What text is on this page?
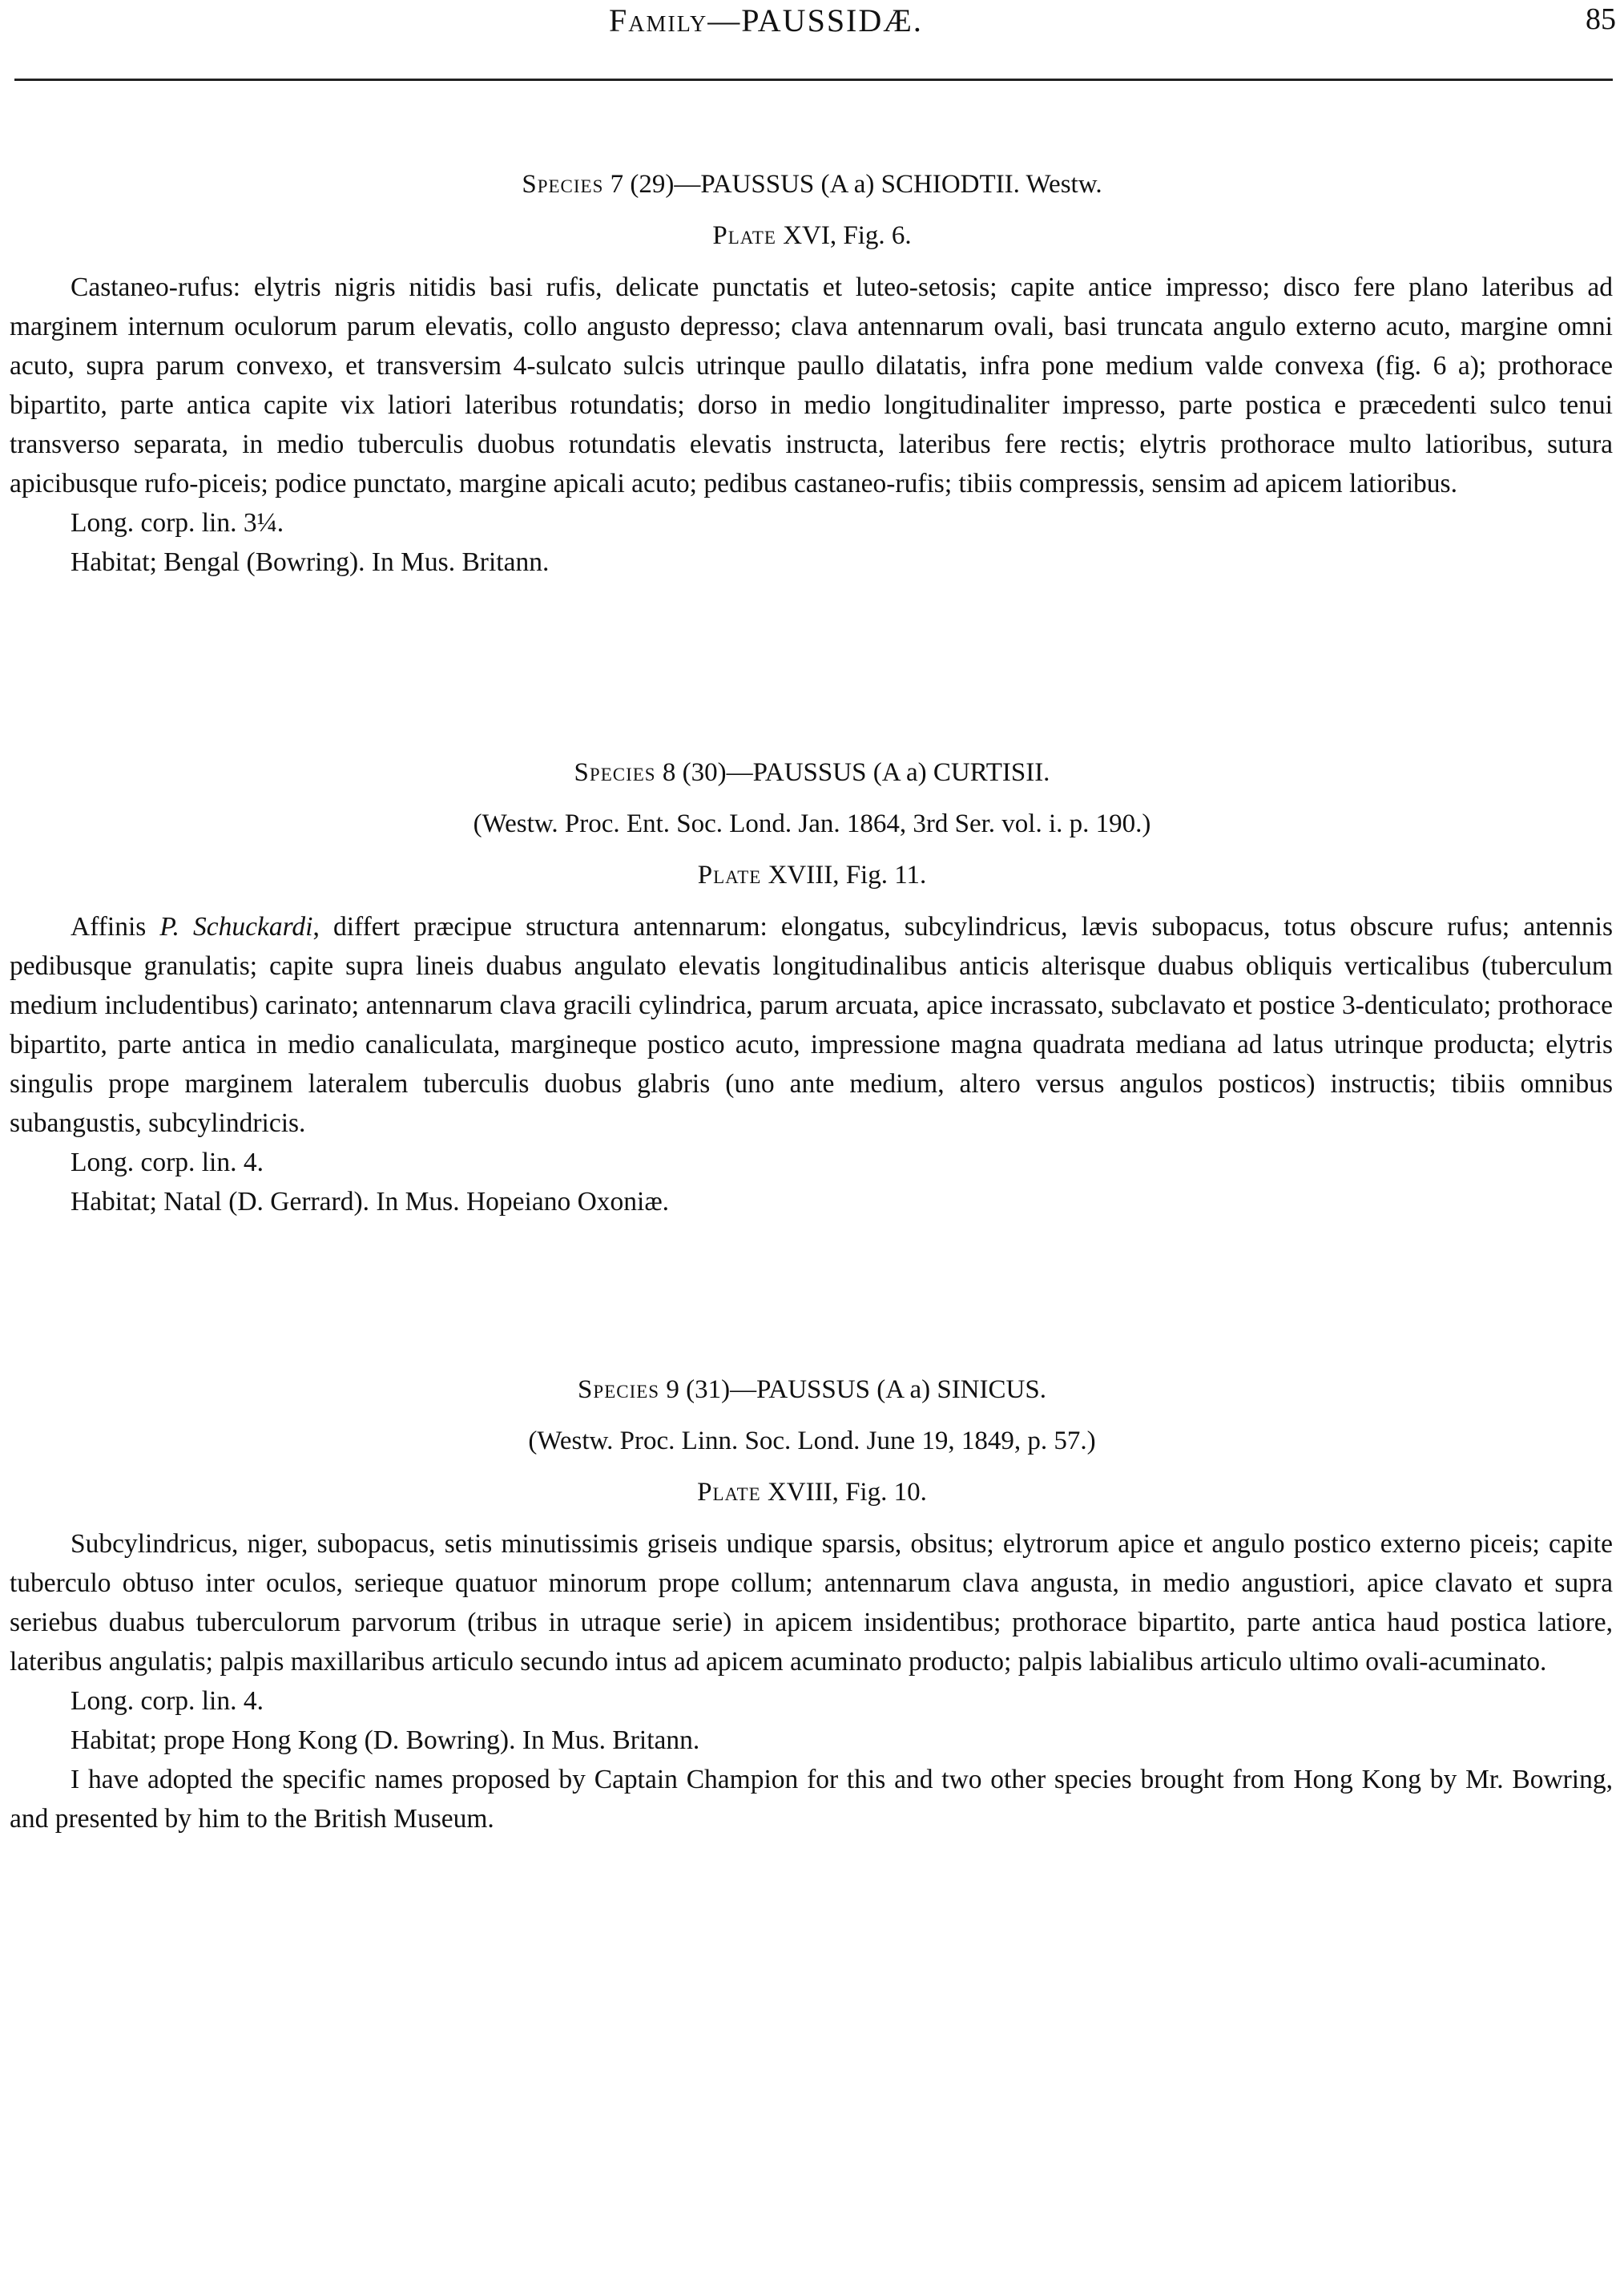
Family—PAUSSIDÆ.	85
Species 7 (29)—PAUSSUS (A a) SCHIODTII. Westw.
Plate XVI, Fig. 6.

Castaneo-rufus: elytris nigris nitidis basi rufis, delicate punctatis et luteo-setosis; capite antice impresso; disco fere plano lateribus ad marginem internum oculorum parum elevatis, collo angusto depresso; clava antennarum ovali, basi truncata angulo externo acuto, margine omni acuto, supra parum convexo, et transversim 4-sulcato sulcis utrinque paullo dilatatis, infra pone medium valde convexa (fig. 6 a); prothorace bipartito, parte antica capite vix latiori lateribus rotundatis; dorso in medio longitudinaliter impresso, parte postica e præcedenti sulco tenui transverso separata, in medio tuberculis duobus rotundatis elevatis instructa, lateribus fere rectis; elytris prothorace multo latioribus, sutura apicibusque rufo-piceis; podice punctato, margine apicali acuto; pedibus castaneo-rufis; tibiis compressis, sensim ad apicem latioribus.

Long. corp. lin. 3¼.

Habitat; Bengal (Bowring). In Mus. Britann.

Species 8 (30)—PAUSSUS (A a) CURTISII.
(Westw. Proc. Ent. Soc. Lond. Jan. 1864, 3rd Ser. vol. i. p. 190.)
Plate XVIII, Fig. 11.

Affinis P. Schuckardi, differt præcipue structura antennarum: elongatus, subcylindricus, lævis subopacus, totus obscure rufus; antennis pedibusque granulatis; capite supra lineis duabus angulato elevatis longitudinalibus anticis alterisque duabus obliquis verticalibus (tuberculum medium includentibus) carinato; antennarum clava gracili cylindrica, parum arcuata, apice incrassato, subclavato et postice 3-denticulato; prothorace bipartito, parte antica in medio canaliculata, margineque postico acuto, impressione magna quadrata mediana ad latus utrinque producta; elytris singulis prope marginem lateralem tuberculis duobus glabris (uno ante medium, altero versus angulos posticos) instructis; tibiis omnibus subangustis, subcylindricis.

Long. corp. lin. 4.

Habitat; Natal (D. Gerrard). In Mus. Hopeiano Oxoniæ.

Species 9 (31)—PAUSSUS (A a) SINICUS.
(Westw. Proc. Linn. Soc. Lond. June 19, 1849, p. 57.)
Plate XVIII, Fig. 10.

Subcylindricus, niger, subopacus, setis minutissimis griseis undique sparsis, obsitus; elytrorum apice et angulo postico externo piceis; capite tuberculo obtuso inter oculos, serieque quatuor minorum prope collum; antennarum clava angusta, in medio angustiori, apice clavato et supra seriebus duabus tuberculorum parvorum (tribus in utraque serie) in apicem insidentibus; prothorace bipartito, parte antica haud postica latiore, lateribus angulatis; palpis maxillaribus articulo secundo intus ad apicem acuminato producto; palpis labialibus articulo ultimo ovali-acuminato.

Long. corp. lin. 4.

Habitat; prope Hong Kong (D. Bowring). In Mus. Britann.

I have adopted the specific names proposed by Captain Champion for this and two other species brought from Hong Kong by Mr. Bowring, and presented by him to the British Museum.
